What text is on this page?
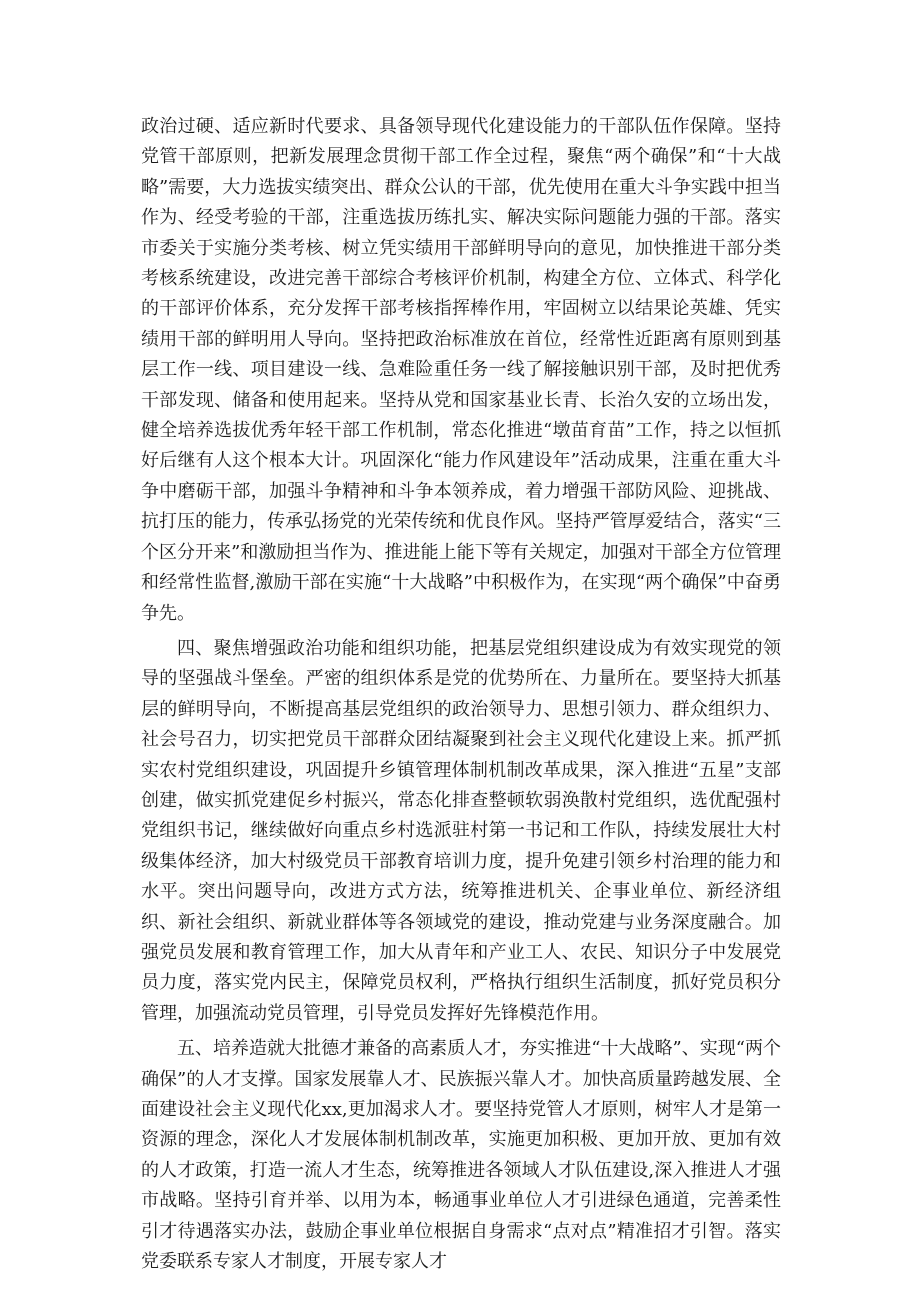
政治过硬、适应新时代要求、具备领导现代化建设能力的干部队伍作保障。坚持党管干部原则，把新发展理念贯彻干部工作全过程，聚焦“两个确保”和“十大战略”需要，大力选拔实绩突出、群众公认的干部，优先使用在重大斗争实践中担当作为、经受考验的干部，注重选拔历练扎实、解决实际问题能力强的干部。落实市委关于实施分类考核、树立凭实绩用干部鲜明导向的意见，加快推进干部分类考核系统建设，改进完善干部综合考核评价机制，构建全方位、立体式、科学化的干部评价体系，充分发挥干部考核指挥棒作用，牢固树立以结果论英雄、凭实绩用干部的鲜明用人导向。坚持把政治标准放在首位，经常性近距离有原则到基层工作一线、项目建设一线、急难险重任务一线了解接触识别干部，及时把优秀干部发现、储备和使用起来。坚持从党和国家基业长青、长治久安的立场出发，健全培养选拔优秀年轻干部工作机制，常态化推进“墩苗育苗”工作，持之以恒抓好后继有人这个根本大计。巩固深化“能力作风建设年”活动成果，注重在重大斗争中磨砺干部，加强斗争精神和斗争本领养成，着力增强干部防风险、迎挑战、抗打压的能力，传承弘扬党的光荣传统和优良作风。坚持严管厚爱结合，落实“三个区分开来”和激励担当作为、推进能上能下等有关规定，加强对干部全方位管理和经常性监督,激励干部在实施“十大战略”中积极作为，在实现“两个确保”中奋勇争先。

四、聚焦增强政治功能和组织功能，把基层党组织建设成为有效实现党的领导的坚强战斗堡垒。严密的组织体系是党的优势所在、力量所在。要坚持大抓基层的鲜明导向，不断提高基层党组织的政治领导力、思想引领力、群众组织力、社会号召力，切实把党员干部群众团结凝聚到社会主义现代化建设上来。抓严抓实农村党组织建设，巩固提升乡镇管理体制机制改革成果，深入推进“五星”支部创建，做实抓党建促乡村振兴，常态化排查整顿软弱涣散村党组织，选优配强村党组织书记，继续做好向重点乡村选派驻村第一书记和工作队，持续发展壮大村级集体经济，加大村级党员干部教育培训力度，提升免建引领乡村治理的能力和水平。突出问题导向，改进方式方法，统筹推进机关、企事业单位、新经济组织、新社会组织、新就业群体等各领域党的建设，推动党建与业务深度融合。加强党员发展和教育管理工作，加大从青年和产业工人、农民、知识分子中发展党员力度，落实党内民主，保障党员权利，严格执行组织生活制度，抓好党员积分管理，加强流动党员管理，引导党员发挥好先锋模范作用。

五、培养造就大批德才兼备的高素质人才，夯实推进“十大战略”、实现“两个确保”的人才支撑。国家发展靠人才、民族振兴靠人才。加快高质量跨越发展、全面建设社会主义现代化xx,更加渴求人才。要坚持党管人才原则，树牢人才是第一资源的理念，深化人才发展体制机制改革，实施更加积极、更加开放、更加有效的人才政策，打造一流人才生态，统筹推进各领域人才队伍建设,深入推进人才强市战略。坚持引育并举、以用为本，畅通事业单位人才引进绿色通道，完善柔性引才待遇落实办法，鼓励企事业单位根据自身需求“点对点”精准招才引智。落实党委联系专家人才制度，开展专家人才
